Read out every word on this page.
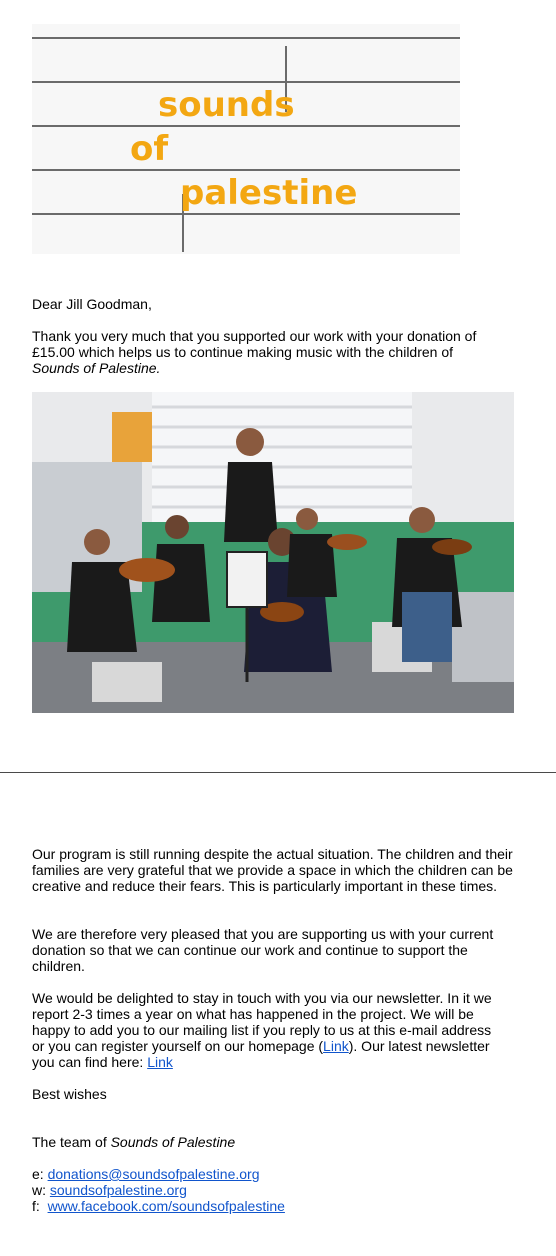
sounds
of
palestine

Dear Jill Goodman,

Thank you very much that you supported our work with your donation of £15.00 which helps us to continue making music with the children of Sounds of Palestine.

Our program is still running despite the actual situation. The children and their families are very grateful that we provide a space in which the children can be creative and reduce their fears. This is particularly important in these times.

We are therefore very pleased that you are supporting us with your current donation so that we can continue our work and continue to support the children.

We would be delighted to stay in touch with you via our newsletter. In it we report 2-3 times a year on what has happened in the project. We will be happy to add you to our mailing list if you reply to us at this e-mail address or you can register yourself on our homepage (Link). Our latest newsletter you can find here: Link

Best wishes

The team of Sounds of Palestine

e: donations@soundsofpalestine.org

w: soundsofpalestine.org

f: www.facebook.com/soundsofpalestine
